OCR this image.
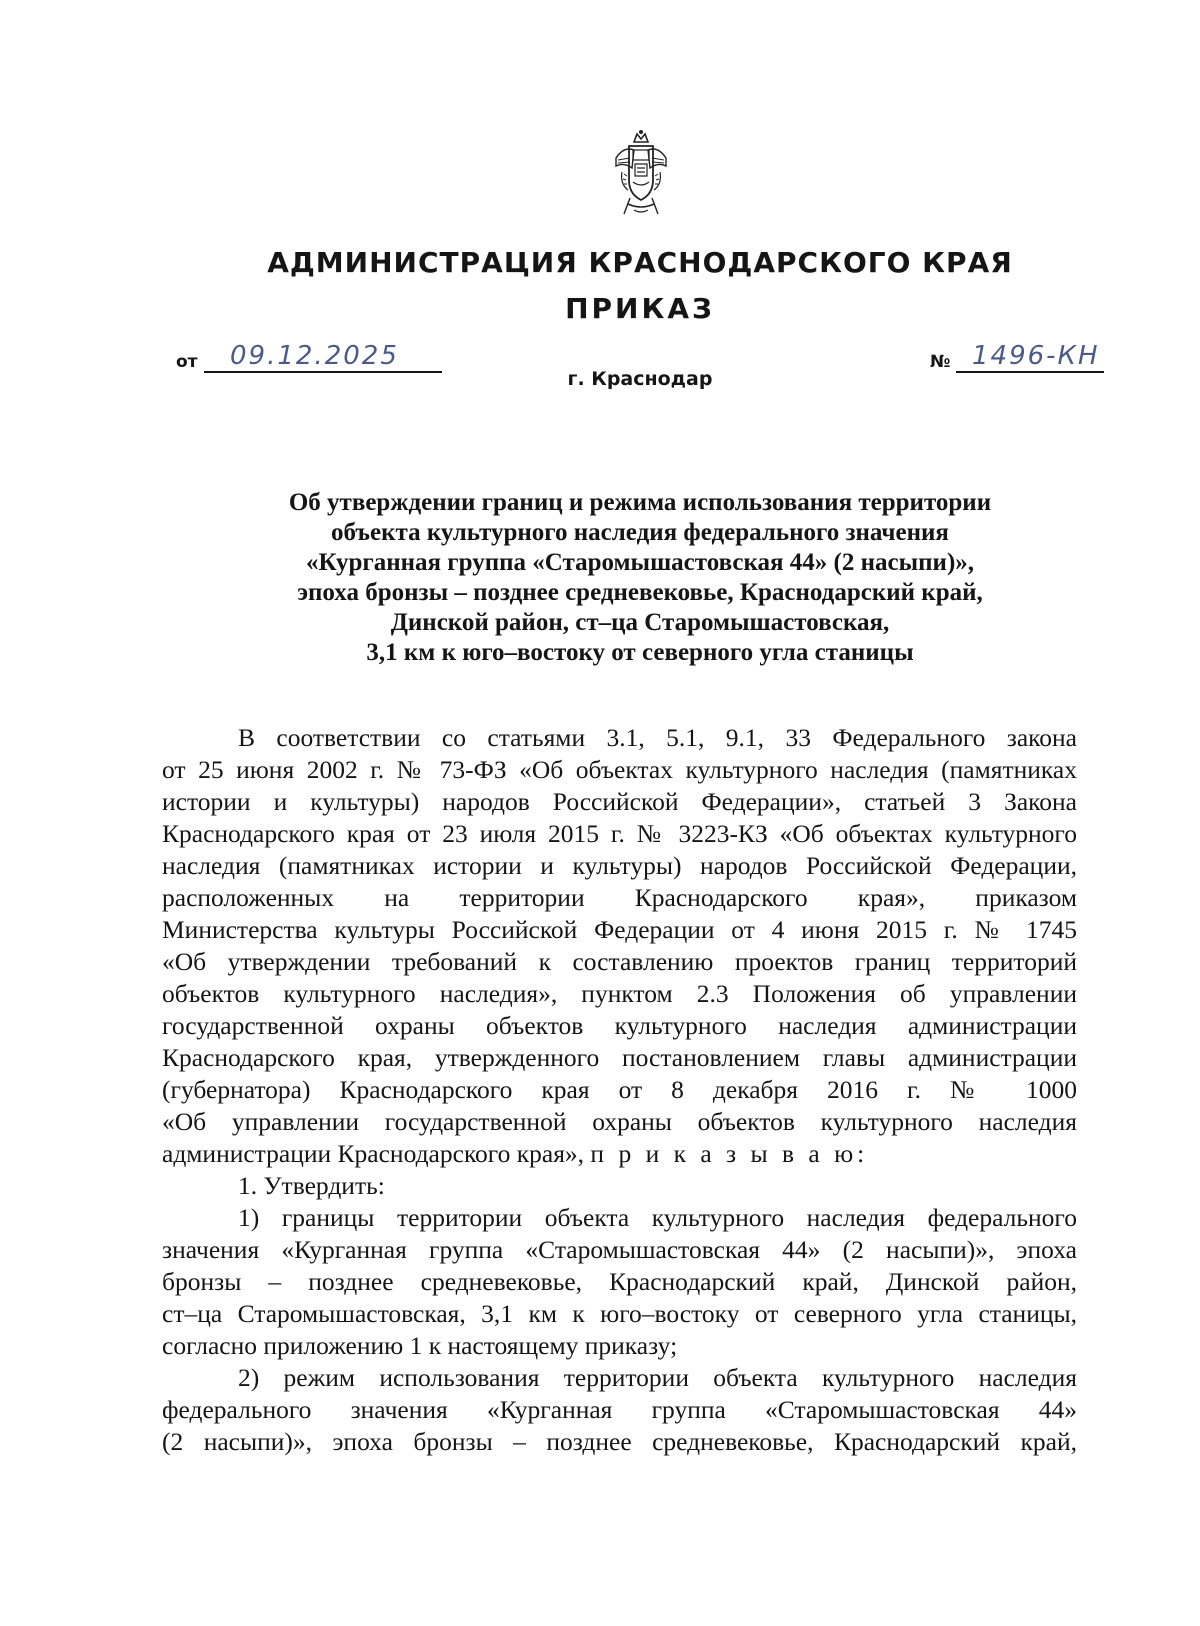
АДМИНИСТРАЦИЯ КРАСНОДАРСКОГО КРАЯ
ПРИКАЗ
от 09.12.2025	№ 1496-КН
г. Краснодар
Об утверждении границ и режима использования территории
объекта культурного наследия федерального значения
«Курганная группа «Старомышастовская 44» (2 насыпи)»,
эпоха бронзы – позднее средневековье, Краснодарский край,
Динской район, ст–ца Старомышастовская,
3,1 км к юго–востоку от северного угла станицы
В соответствии со статьями 3.1, 5.1, 9.1, 33 Федерального закона
от 25 июня 2002 г. № 73-ФЗ «Об объектах культурного наследия (памятниках
истории и культуры) народов Российской Федерации», статьей 3 Закона
Краснодарского края от 23 июля 2015 г. № 3223-КЗ «Об объектах культурного
наследия (памятниках истории и культуры) народов Российской Федерации,
расположенных на территории Краснодарского края», приказом
Министерства культуры Российской Федерации от 4 июня 2015 г. № 1745
«Об утверждении требований к составлению проектов границ территорий
объектов культурного наследия», пунктом 2.3 Положения об управлении
государственной охраны объектов культурного наследия администрации
Краснодарского края, утвержденного постановлением главы администрации
(губернатора) Краснодарского края от 8 декабря 2016 г. № 1000
«Об управлении государственной охраны объектов культурного наследия
администрации Краснодарского края», п р и к а з ы в а ю:
1. Утвердить:
1) границы территории объекта культурного наследия федерального
значения «Курганная группа «Старомышастовская 44» (2 насыпи)», эпоха
бронзы – позднее средневековье, Краснодарский край, Динской район,
ст–ца Старомышастовская, 3,1 км к юго–востоку от северного угла станицы,
согласно приложению 1 к настоящему приказу;
2) режим использования территории объекта культурного наследия
федерального значения «Курганная группа «Старомышастовская 44»
(2 насыпи)», эпоха бронзы – позднее средневековье, Краснодарский край,
